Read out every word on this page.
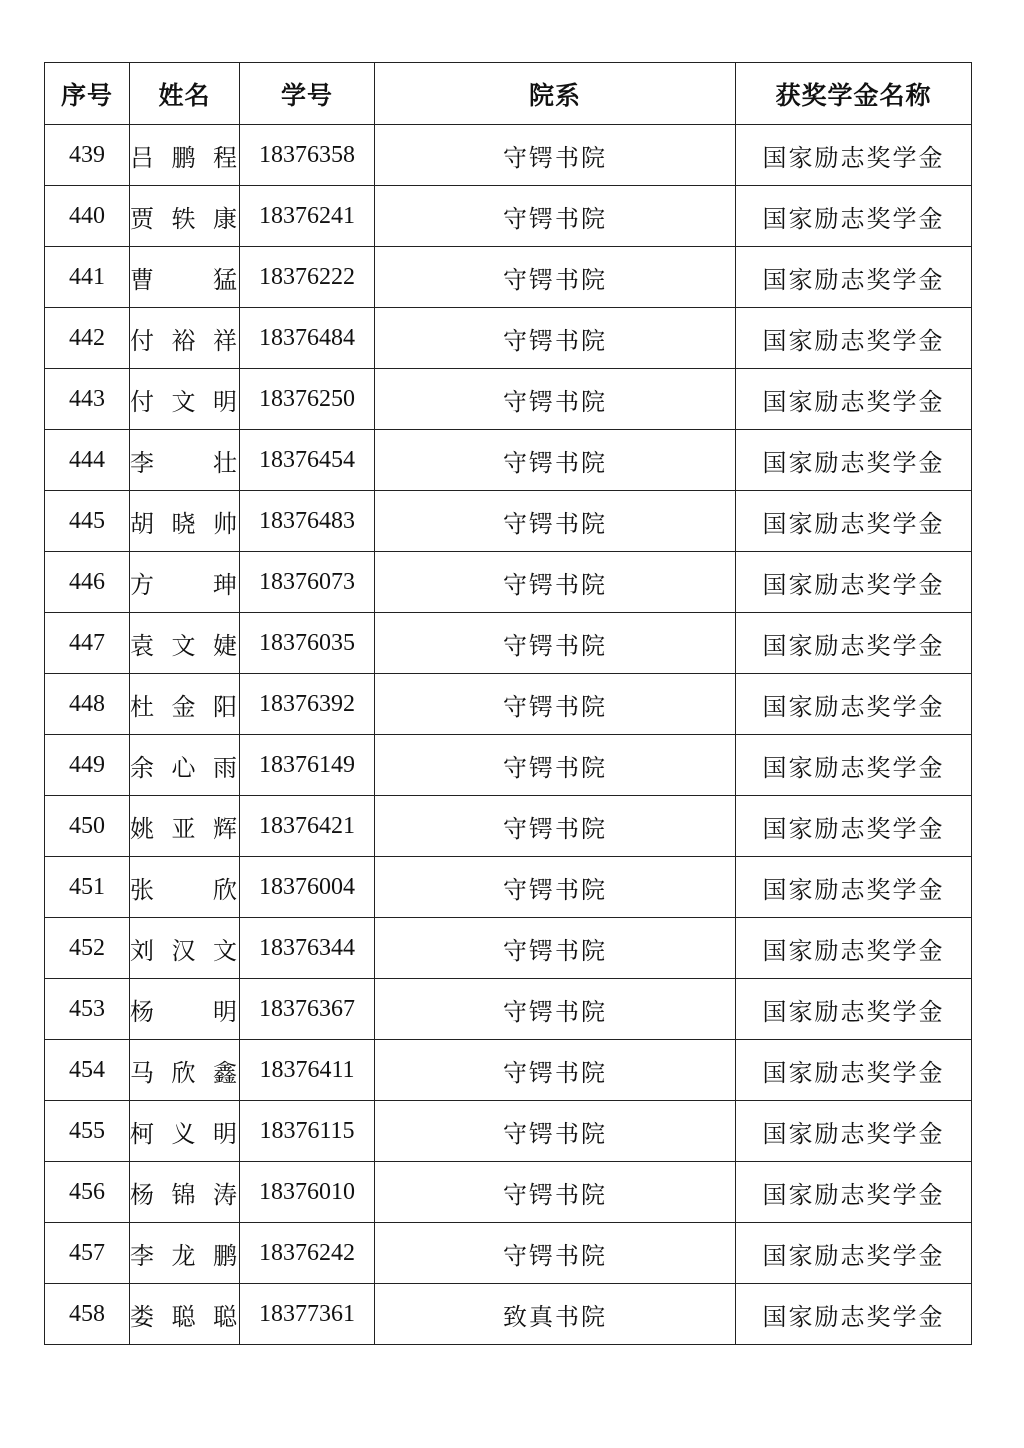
序号	姓名	学号	院系	获奖学金名称
439	吕鹏程	18376358	守锷书院	国家励志奖学金
440	贾轶康	18376241	守锷书院	国家励志奖学金
441	曹 猛	18376222	守锷书院	国家励志奖学金
442	付裕祥	18376484	守锷书院	国家励志奖学金
443	付文明	18376250	守锷书院	国家励志奖学金
444	李 壮	18376454	守锷书院	国家励志奖学金
445	胡晓帅	18376483	守锷书院	国家励志奖学金
446	方 珅	18376073	守锷书院	国家励志奖学金
447	袁文婕	18376035	守锷书院	国家励志奖学金
448	杜金阳	18376392	守锷书院	国家励志奖学金
449	余心雨	18376149	守锷书院	国家励志奖学金
450	姚亚辉	18376421	守锷书院	国家励志奖学金
451	张 欣	18376004	守锷书院	国家励志奖学金
452	刘汉文	18376344	守锷书院	国家励志奖学金
453	杨 明	18376367	守锷书院	国家励志奖学金
454	马欣鑫	18376411	守锷书院	国家励志奖学金
455	柯义明	18376115	守锷书院	国家励志奖学金
456	杨锦涛	18376010	守锷书院	国家励志奖学金
457	李龙鹏	18376242	守锷书院	国家励志奖学金
458	娄聪聪	18377361	致真书院	国家励志奖学金
